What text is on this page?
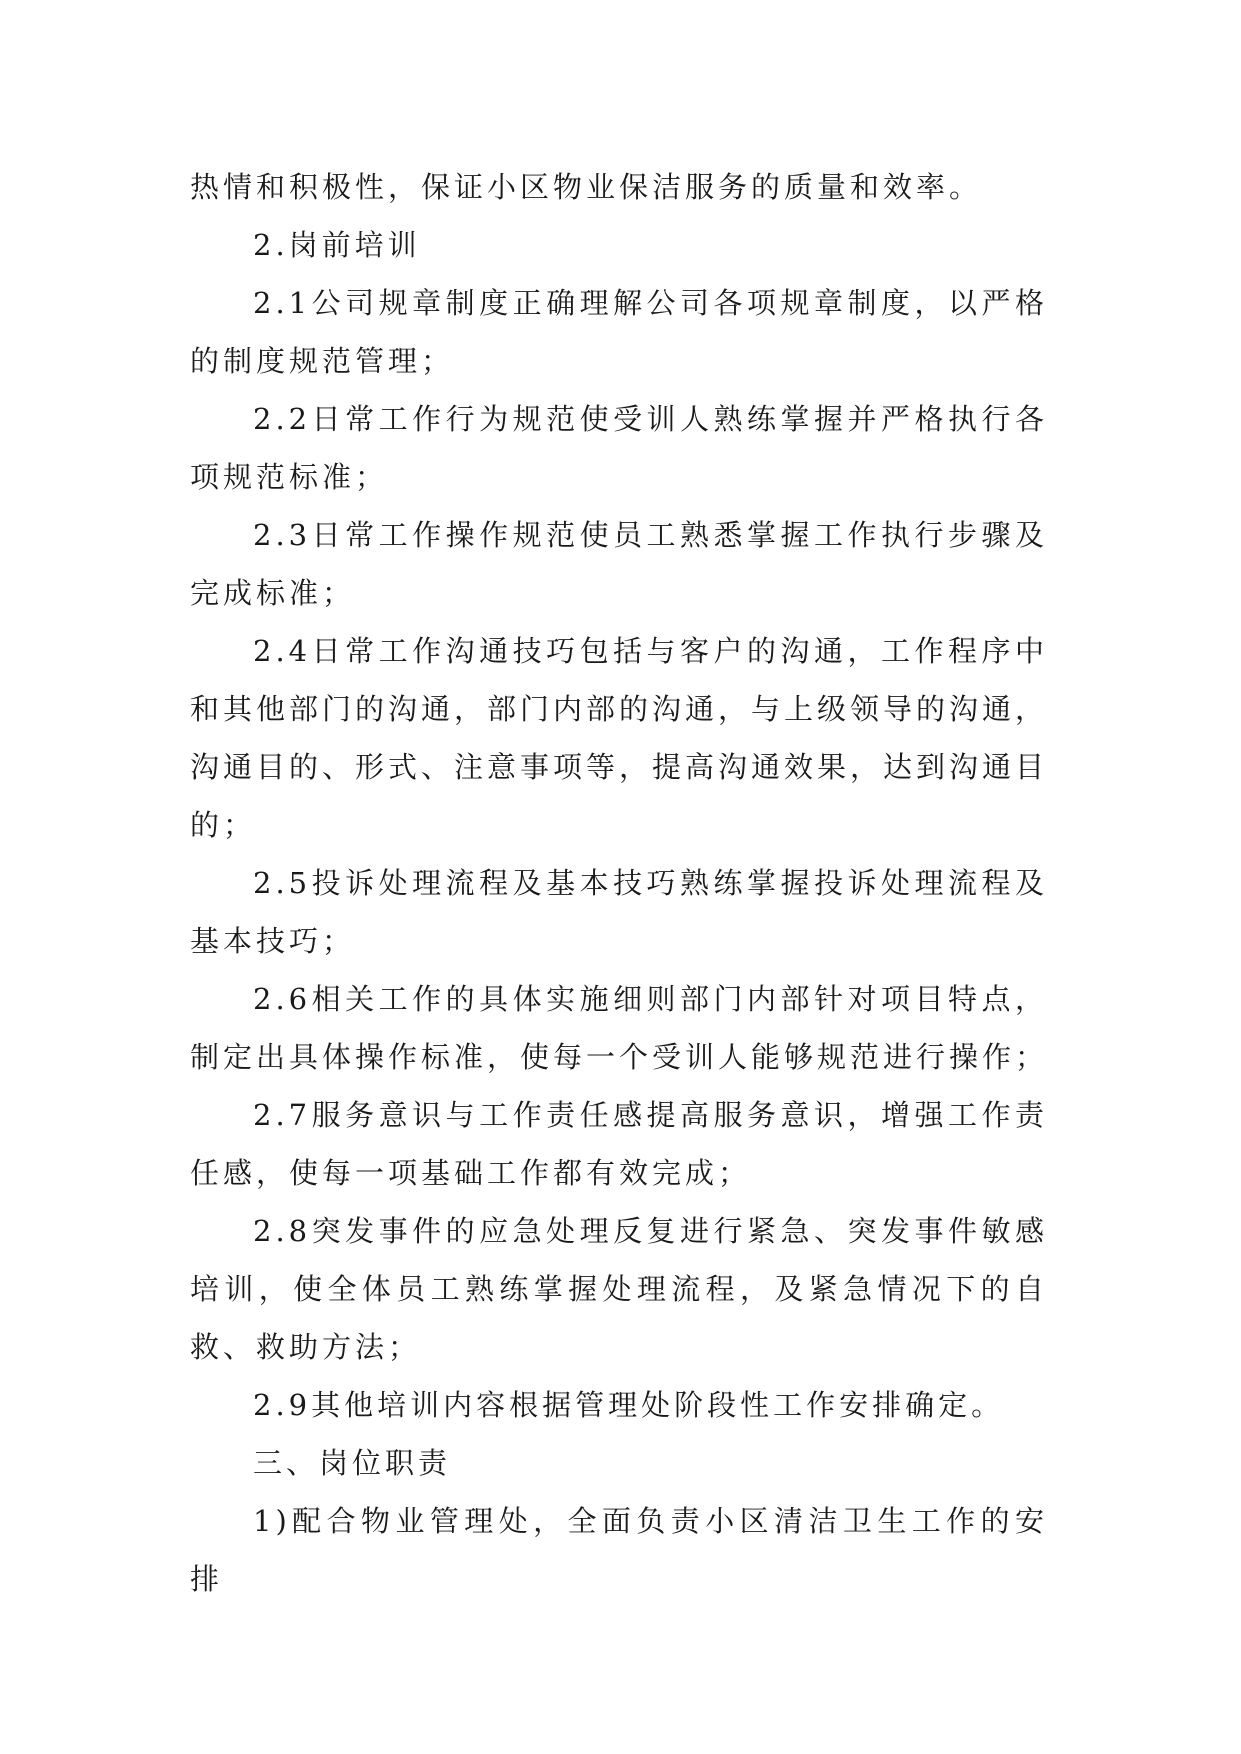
热情和积极性，保证小区物业保洁服务的质量和效率。

2.岗前培训

2.1公司规章制度正确理解公司各项规章制度，以严格的制度规范管理；

2.2日常工作行为规范使受训人熟练掌握并严格执行各项规范标准；

2.3日常工作操作规范使员工熟悉掌握工作执行步骤及完成标准；

2.4日常工作沟通技巧包括与客户的沟通，工作程序中和其他部门的沟通，部门内部的沟通，与上级领导的沟通，沟通目的、形式、注意事项等，提高沟通效果，达到沟通目的；

2.5投诉处理流程及基本技巧熟练掌握投诉处理流程及基本技巧；

2.6相关工作的具体实施细则部门内部针对项目特点，制定出具体操作标准，使每一个受训人能够规范进行操作；

2.7服务意识与工作责任感提高服务意识，增强工作责任感，使每一项基础工作都有效完成；

2.8突发事件的应急处理反复进行紧急、突发事件敏感培训，使全体员工熟练掌握处理流程，及紧急情况下的自救、救助方法；

2.9其他培训内容根据管理处阶段性工作安排确定。

三、岗位职责

1)配合物业管理处，全面负责小区清洁卫生工作的安排
